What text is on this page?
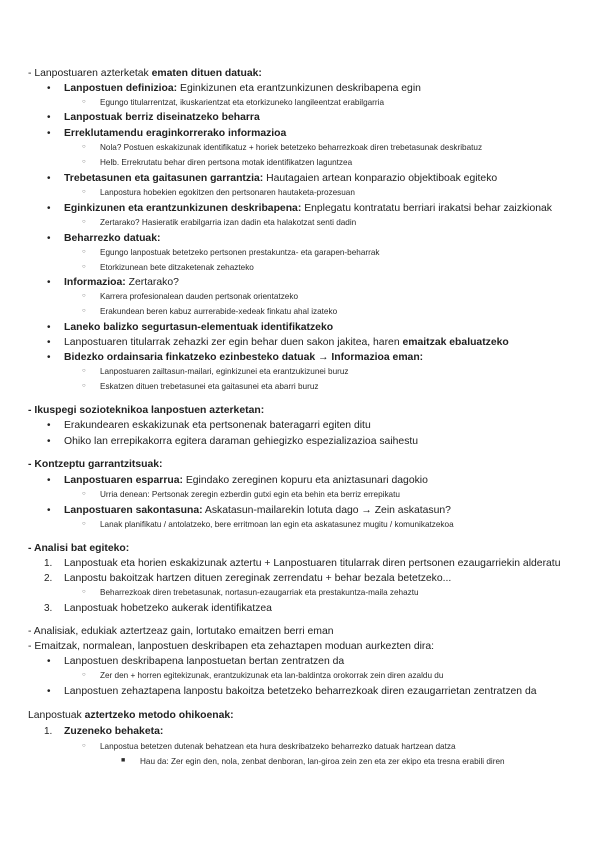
- Lanpostuaren azterketak ematen dituen datuak:
• Lanpostuen definizioa: Eginkizunen eta erantzunkizunen deskribapena egin
○ Egungo titularrentzat, ikuskarientzat eta etorkizuneko langileentzat erabilgarria
• Lanpostuak berriz diseinatzeko beharra
• Erreklutamendu eraginkorrerako informazioa
○ Nola? Postuen eskakizunak identifikatuz + horiek betetzeko beharrezkoak diren trebetasunak deskribatuz
○ Helb. Errekrutatu behar diren pertsona motak identifikatzen laguntzea
• Trebetasunen eta gaitasunen garrantzia: Hautagaien artean konparazio objektiboak egiteko
○ Lanpostura hobekien egokitzen den pertsonaren hautaketa-prozesuan
• Eginkizunen eta erantzunkizunen deskribapena: Enplegatu kontratatu berriari irakatsi behar zaizkionak
○ Zertarako? Hasieratik erabilgarria izan dadin eta halakotzat senti dadin
• Beharrezko datuak:
○ Egungo lanpostuak betetzeko pertsonen prestakuntza- eta garapen-beharrak
○ Etorkizunean bete ditzaketenak zehazteko
• Informazioa: Zertarako?
○ Karrera profesionalean dauden pertsonak orientatzeko
○ Erakundean beren kabuz aurrerabide-xedeak finkatu ahal izateko
• Laneko balizko segurtasun-elementuak identifikatzeko
• Lanpostuaren titularrak zehazki zer egin behar duen sakon jakitea, haren emaitzak ebaluatzeko
• Bidezko ordainsaria finkatzeko ezinbesteko datuak → Informazioa eman:
○ Lanpostuaren zailtasun-mailari, eginkizunei eta erantzukizunei buruz
○ Eskatzen dituen trebetasunei eta gaitasunei eta abarri buruz
- Ikuspegi sozioteknikoa lanpostuen azterketan:
• Erakundearen eskakizunak eta pertsonenak bateragarri egiten ditu
• Ohiko lan errepikakorra egitera daraman gehiegizko espezializazioa saihestu
- Kontzeptu garrantzitsuak:
• Lanpostuaren esparrua: Egindako zereginen kopuru eta aniztasunari dagokio
○ Urria denean: Pertsonak zeregin ezberdin gutxi egin eta behin eta berriz errepikatu
• Lanpostuaren sakontasuna: Askatasun-mailarekin lotuta dago → Zein askatasun?
○ Lanak planifikatu / antolatzeko, bere erritmoan lan egin eta askatasunez mugitu / komunikatzekoa
- Analisi bat egiteko:
1. Lanpostuak eta horien eskakizunak aztertu + Lanpostuaren titularrak diren pertsonen ezaugarriekin alderatu
2. Lanpostu bakoitzak hartzen dituen zereginak zerrendatu + behar bezala betetzeko...
○ Beharrezkoak diren trebetasunak, nortasun-ezaugarriak eta prestakuntza-maila zehaztu
3. Lanpostuak hobetzeko aukerak identifikatzea
- Analisiak, edukiak aztertzeaz gain, lortutako emaitzen berri eman
- Emaitzak, normalean, lanpostuen deskribapen eta zehaztapen moduan aurkezten dira:
• Lanpostuen deskribapena lanpostuetan bertan zentratzen da
○ Zer den + horren egitekizunak, erantzukizunak eta lan-baldintza orokorrak zein diren azaldu du
• Lanpostuen zehaztapena lanpostu bakoitza betetzeko beharrezkoak diren ezaugarrietan zentratzen da
Lanpostuak aztertzeko metodo ohikoenak:
1. Zuzeneko behaketa:
○ Lanpostua betetzen dutenak behatzean eta hura deskribatzeko beharrezko datuak hartzean datza
■ Hau da: Zer egin den, nola, zenbat denboran, lan-giroa zein zen eta zer ekipo eta tresna erabili diren
